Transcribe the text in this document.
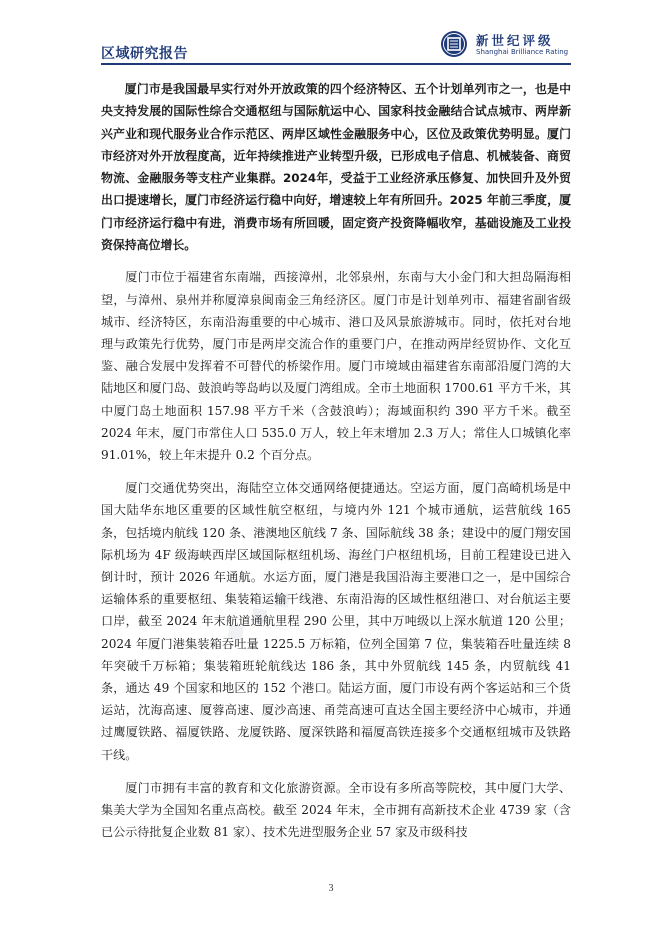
区域研究报告
新世纪评级
Shanghai Brilliance Rating
◆ ◆ ◆

厦门市是我国最早实行对外开放政策的四个经济特区、五个计划单列市之一，也是中央支持发展的国际性综合交通枢纽与国际航运中心、国家科技金融结合试点城市、两岸新兴产业和现代服务业合作示范区、两岸区域性金融服务中心，区位及政策优势明显。厦门市经济对外开放程度高，近年持续推进产业转型升级，已形成电子信息、机械装备、商贸物流、金融服务等支柱产业集群。2024年，受益于工业经济承压修复、加快回升及外贸出口提速增长，厦门市经济运行稳中向好，增速较上年有所回升。2025 年前三季度，厦门市经济运行稳中有进，消费市场有所回暖，固定资产投资降幅收窄，基础设施及工业投资保持高位增长。

厦门市位于福建省东南端，西接漳州，北邻泉州，东南与大小金门和大担岛隔海相望，与漳州、泉州并称厦漳泉闽南金三角经济区。厦门市是计划单列市、福建省副省级城市、经济特区，东南沿海重要的中心城市、港口及风景旅游城市。同时，依托对台地理与政策先行优势，厦门市是两岸交流合作的重要门户，在推动两岸经贸协作、文化互鉴、融合发展中发挥着不可替代的桥梁作用。厦门市境域由福建省东南部沿厦门湾的大陆地区和厦门岛、鼓浪屿等岛屿以及厦门湾组成。全市土地面积 1700.61 平方千米，其中厦门岛土地面积 157.98 平方千米（含鼓浪屿）；海域面积约 390 平方千米。截至 2024 年末，厦门市常住人口 535.0 万人，较上年末增加 2.3 万人；常住人口城镇化率 91.01%，较上年末提升 0.2 个百分点。

厦门交通优势突出，海陆空立体交通网络便捷通达。空运方面，厦门高崎机场是中国大陆华东地区重要的区域性航空枢纽，与境内外 121 个城市通航，运营航线 165 条，包括境内航线 120 条、港澳地区航线 7 条、国际航线 38 条；建设中的厦门翔安国际机场为 4F 级海峡西岸区域国际枢纽机场、海丝门户枢纽机场，目前工程建设已进入倒计时，预计 2026 年通航。水运方面，厦门港是我国沿海主要港口之一，是中国综合运输体系的重要枢纽、集装箱运输干线港、东南沿海的区域性枢纽港口、对台航运主要口岸，截至 2024 年末航道通航里程 290 公里，其中万吨级以上深水航道 120 公里；2024 年厦门港集装箱吞吐量 1225.5 万标箱，位列全国第 7 位，集装箱吞吐量连续 8 年突破千万标箱；集装箱班轮航线达 186 条，其中外贸航线 145 条，内贸航线 41 条，通达 49 个国家和地区的 152 个港口。陆运方面，厦门市设有两个客运站和三个货运站，沈海高速、厦蓉高速、厦沙高速、甬莞高速可直达全国主要经济中心城市，并通过鹰厦铁路、福厦铁路、龙厦铁路、厦深铁路和福厦高铁连接多个交通枢纽城市及铁路干线。

厦门市拥有丰富的教育和文化旅游资源。全市设有多所高等院校，其中厦门大学、集美大学为全国知名重点高校。截至 2024 年末，全市拥有高新技术企业 4739 家（含已公示待批复企业数 81 家）、技术先进型服务企业 57 家及市级科技

3
